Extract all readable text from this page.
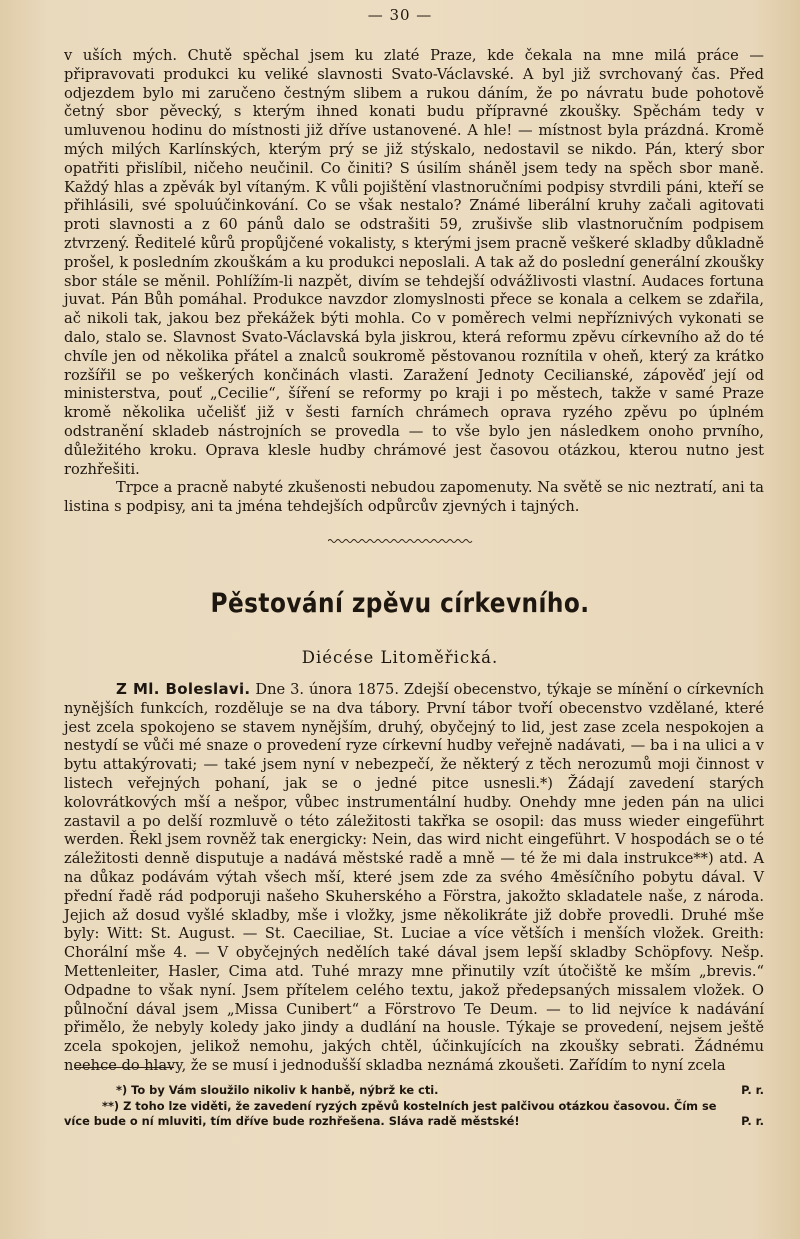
— 30 —

v uších mých. Chutě spěchal jsem ku zlaté Praze, kde čekala na mne milá práce — připravovati produkci ku veliké slavnosti Svato-Václavské. A byl již svrchovaný čas. Před odjezdem bylo mi zaručeno čestným slibem a rukou dáním, že po návratu bude pohotově četný sbor pěvecký, s kterým ihned konati budu přípravné zkoušky. Spěchám tedy v umluvenou hodinu do místnosti již dříve ustanovené. A hle! — místnost byla prázdná. Kromě mých milých Karlínských, kterým prý se již stýskalo, nedostavil se nikdo. Pán, který sbor opatřiti přislíbil, ničeho neučinil. Co činiti? S úsilím sháněl jsem tedy na spěch sbor maně. Každý hlas a zpěvák byl vítaným. K vůli pojištění vlastnoručními podpisy stvrdili páni, kteří se přihlásili, své spoluúčinkování. Co se však nestalo? Známé liberální kruhy začali agitovati proti slavnosti a z 60 pánů dalo se odstrašiti 59, zrušivše slib vlastnoručním podpisem ztvrzený. Ředitelé kůrů propůjčené vokalisty, s kterými jsem pracně veškeré skladby důkladně prošel, k posledním zkouškám a ku produkci neposlali. A tak až do poslední generální zkoušky sbor stále se měnil. Pohlížím-li nazpět, divím se tehdejší odvážlivosti vlastní. Audaces fortuna juvat. Pán Bůh pomáhal. Produkce navzdor zlomyslnosti přece se konala a celkem se zdařila, ač nikoli tak, jakou bez překážek býti mohla. Co v poměrech velmi nepříznivých vykonati se dalo, stalo se. Slavnost Svato-Václavská byla jiskrou, která reformu zpěvu církevního až do té chvíle jen od několika přátel a znalců soukromě pěstovanou roznítila v oheň, který za krátko rozšířil se po veškerých končinách vlasti. Zaražení Jednoty Cecilianské, zápověď její od ministerstva, pouť „Cecilie“, šíření se reformy po kraji i po městech, takže v samé Praze kromě několika učelišť již v šesti farních chrámech oprava ryzého zpěvu po úplném odstranění skladeb nástrojních se provedla — to vše bylo jen následkem onoho prvního, důležitého kroku. Oprava klesle hudby chrámové jest časovou otázkou, kterou nutno jest rozhřešiti.

Trpce a pracně nabyté zkušenosti nebudou zapomenuty. Na světě se nic neztratí, ani ta listina s podpisy, ani ta jména tehdejších odpůrcův zjevných i tajných.

Pěstování zpěvu církevního.
Diécése Litoměřická.

Z Ml. Boleslavi. Dne 3. února 1875. Zdejší obecenstvo, týkaje se mínění o církevních nynějších funkcích, rozděluje se na dva tábory. První tábor tvoří obecenstvo vzdělané, které jest zcela spokojeno se stavem nynějším, druhý, obyčejný to lid, jest zase zcela nespokojen a nestydí se vůči mé snaze o provedení ryze církevní hudby veřejně nadávati, — ba i na ulici a v bytu attakýrovati; — také jsem nyní v nebezpečí, že některý z těch nerozumů moji činnost v listech veřejných pohaní, jak se o jedné pitce usnesli.*) Žádají zavedení starých kolovrátkových mší a nešpor, vůbec instrumentální hudby. Onehdy mne jeden pán na ulici zastavil a po delší rozmluvě o této záležitosti takřka se osopil: das muss wieder eingeführt werden. Řekl jsem rovněž tak energicky: Nein, das wird nicht eingeführt. V hospodách se o té záležitosti denně disputuje a nadává městské radě a mně — té že mi dala instrukce**) atd. A na důkaz podávám výtah všech mší, které jsem zde za svého 4měsíčního pobytu dával. V přední řadě rád podporuji našeho Skuherského a Förstra, jakožto skladatele naše, z národa. Jejich až dosud vyšlé skladby, mše i vložky, jsme několikráte již dobře provedli. Druhé mše byly: Witt: St. August. — St. Caeciliae, St. Luciae a více větších i menších vložek. Greith: Chorální mše 4. — V obyčejných nedělích také dával jsem lepší skladby Schöpfovy. Nešp. Mettenleiter, Hasler, Cima atd. Tuhé mrazy mne přinutily vzít útočiště ke mším „brevis.“ Odpadne to však nyní. Jsem přítelem celého textu, jakož předepsaných missalem vložek. O půlnoční dával jsem „Missa Cunibert“ a Förstrovo Te Deum. — to lid nejvíce k nadávání přimělo, že nebyly koledy jako jindy a dudlání na housle. Týkaje se provedení, nejsem ještě zcela spokojen, jelikož nemohu, jakých chtěl, účinkujících na zkoušky sebrati. Žádnému neehce do hlavy, že se musí i jednodušší skladba neznámá zkoušeti. Zařídím to nyní zcela

*) To by Vám sloužilo nikoliv k hanbě, nýbrž ke cti.	P. r.
**) Z toho lze viděti, že zavedení ryzých zpěvů kostelních jest palčivou otázkou časovou. Čím se
více bude o ní mluviti, tím dříve bude rozhřešena. Sláva radě městské!	P. r.
